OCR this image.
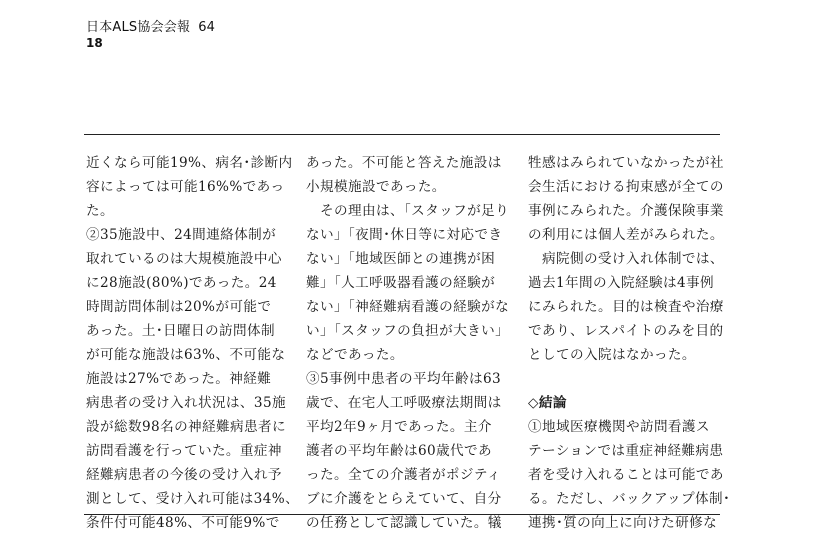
日本ALS協会会報 64
18
近くなら可能19%、病名･診断内
容によっては可能16%%であっ
た。
②35施設中、24間連絡体制が
取れているのは大規模施設中心
に28施設(80%)であった。24
時間訪問体制は20%が可能で
あった。土･日曜日の訪問体制
が可能な施設は63%、不可能な
施設は27%であった。神経難
病患者の受け入れ状況は、35施
設が総数98名の神経難病患者に
訪問看護を行っていた。重症神
経難病患者の今後の受け入れ予
測として、受け入れ可能は34%、
条件付可能48%、不可能9%で
あった。不可能と答えた施設は
小規模施設であった。
　その理由は、「スタッフが足り
ない」「夜間･休日等に対応でき
ない」「地域医師との連携が困
難」「人工呼吸器看護の経験が
ない」「神経難病看護の経験がな
い」「スタッフの負担が大きい」
などであった。
③5事例中患者の平均年齢は63
歳で、在宅人工呼吸療法期間は
平均2年9ヶ月であった。主介
護者の平均年齢は60歳代であ
った。全ての介護者がポジティ
ブに介護をとらえていて、自分
の任務として認識していた。犠
牲感はみられていなかったが社
会生活における拘束感が全ての
事例にみられた。介護保険事業
の利用には個人差がみられた。
　病院側の受け入れ体制では、
過去1年間の入院経験は4事例
にみられた。目的は検査や治療
であり、レスパイトのみを目的
としての入院はなかった。
◇結論
①地域医療機関や訪問看護ス
テーションでは重症神経難病患
者を受け入れることは可能であ
る。ただし、バックアップ体制･
連携･質の向上に向けた研修な
